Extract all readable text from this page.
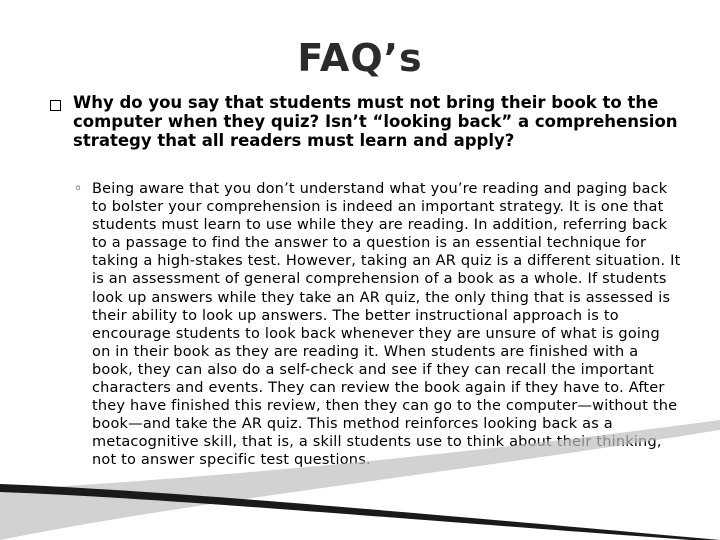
FAQ’s

Why do you say that students must not bring their book to the computer when they quiz? Isn’t “looking back” a comprehension strategy that all readers must learn and apply?

◦ Being aware that you don’t understand what you’re reading and paging back to bolster your comprehension is indeed an important strategy. It is one that students must learn to use while they are reading. In addition, referring back to a passage to find the answer to a question is an essential technique for taking a high-stakes test. However, taking an AR quiz is a different situation. It is an assessment of general comprehension of a book as a whole. If students look up answers while they take an AR quiz, the only thing that is assessed is their ability to look up answers. The better instructional approach is to encourage students to look back whenever they are unsure of what is going on in their book as they are reading it. When students are finished with a book, they can also do a self-check and see if they can recall the important characters and events. They can review the book again if they have to. After they have finished this review, then they can go to the computer—without the book—and take the AR quiz. This method reinforces looking back as a metacognitive skill, that is, a skill students use to think about their thinking, not to answer specific test questions.
